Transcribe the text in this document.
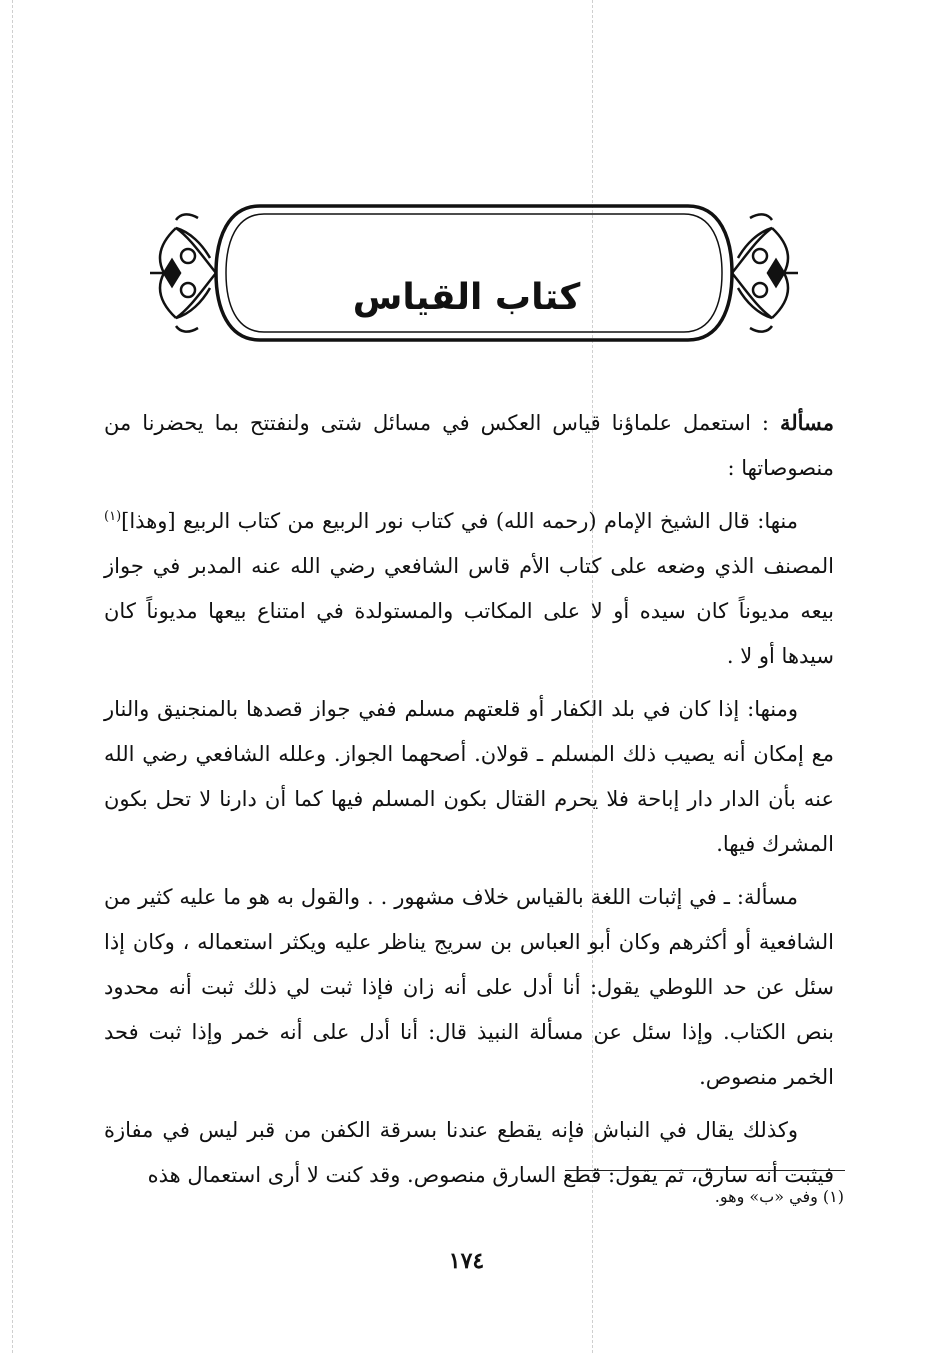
كتاب القياس

مسألة : استعمل علماؤنا قياس العكس في مسائل شتى ولنفتتح بما يحضرنا من منصوصاتها :

منها: قال الشيخ الإمام (رحمه الله) في كتاب نور الربيع من كتاب الربيع [وهذا]$^{(١)}$ المصنف الذي وضعه على كتاب الأم قاس الشافعي رضي الله عنه المدبر في جواز بيعه مديوناً كان سيده أو لا على المكاتب والمستولدة في امتناع بيعها مديوناً كان سيدها أو لا .

ومنها: إذا كان في بلد الكفار أو قلعتهم مسلم ففي جواز قصدها بالمنجنيق والنار مع إمكان أنه يصيب ذلك المسلم ـ قولان. أصحهما الجواز. وعلله الشافعي رضي الله عنه بأن الدار دار إباحة فلا يحرم القتال بكون المسلم فيها كما أن دارنا لا تحل بكون المشرك فيها.

مسألة: ـ في إثبات اللغة بالقياس خلاف مشهور . . والقول به هو ما عليه كثير من الشافعية أو أكثرهم وكان أبو العباس بن سريج يناظر عليه ويكثر استعماله ، وكان إذا سئل عن حد اللوطي يقول: أنا أدل على أنه زان فإذا ثبت لي ذلك ثبت أنه محدود بنص الكتاب. وإذا سئل عن مسألة النبيذ قال: أنا أدل على أنه خمر وإذا ثبت فحد الخمر منصوص.

وكذلك يقال في النباش فإنه يقطع عندنا بسرقة الكفن من قبر ليس في مفازة فيثبت أنه سارق، ثم يقول: قطع السارق منصوص. وقد كنت لا أرى استعمال هذه

(١) وفي «ب» وهو.
١٧٤
